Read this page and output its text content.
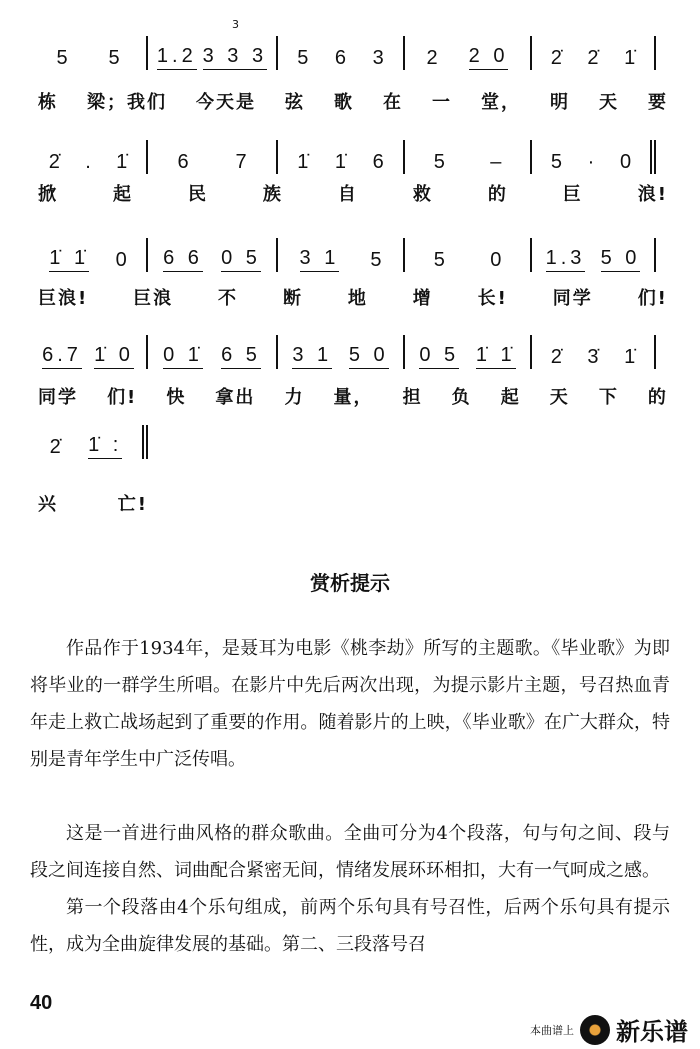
5 5 1.2 3 3 3 5 6 3 2 2 0 2̇ 2̇ 1̇
栋 梁；我们 今天是 弦 歌 在 一 堂， 明 天 要
2̇ . 1̇	6 7	1̇ 1̇ 6 5 – 5 · 0
掀	起	民	族	自	救	的	巨	浪!
1̇ 1̇ 0 6 6 0 5 3 1 5	5 0 1.3 5 0
巨浪! 巨浪 不 断 地 增 长! 同学 们!
6.7 1̇ 0 0 1̇ 6 5 3 1 5 0 0 5 1̇ 1̇ 2̇ 3̇ 1̇
同学 们! 快 拿出 力 量， 担 负 起 天 下 的
2̇ 1̇ :
兴	亡!
3
赏析提示
作品作于1934年，是聂耳为电影《桃李劫》所写的主题歌。《毕业歌》为即将毕业的一群学生所唱。在影片中先后两次出现，为提示影片主题，号召热血青年走上救亡战场起到了重要的作用。随着影片的上映，《毕业歌》在广大群众，特别是青年学生中广泛传唱。
这是一首进行曲风格的群众歌曲。全曲可分为4个段落，句与句之间、段与段之间连接自然、词曲配合紧密无间，情绪发展环环相扣，大有一气呵成之感。
第一个段落由4个乐句组成，前两个乐句具有号召性，后两个乐句具有提示性，成为全曲旋律发展的基础。第二、三段落号召
40
本曲谱上 新乐谱
